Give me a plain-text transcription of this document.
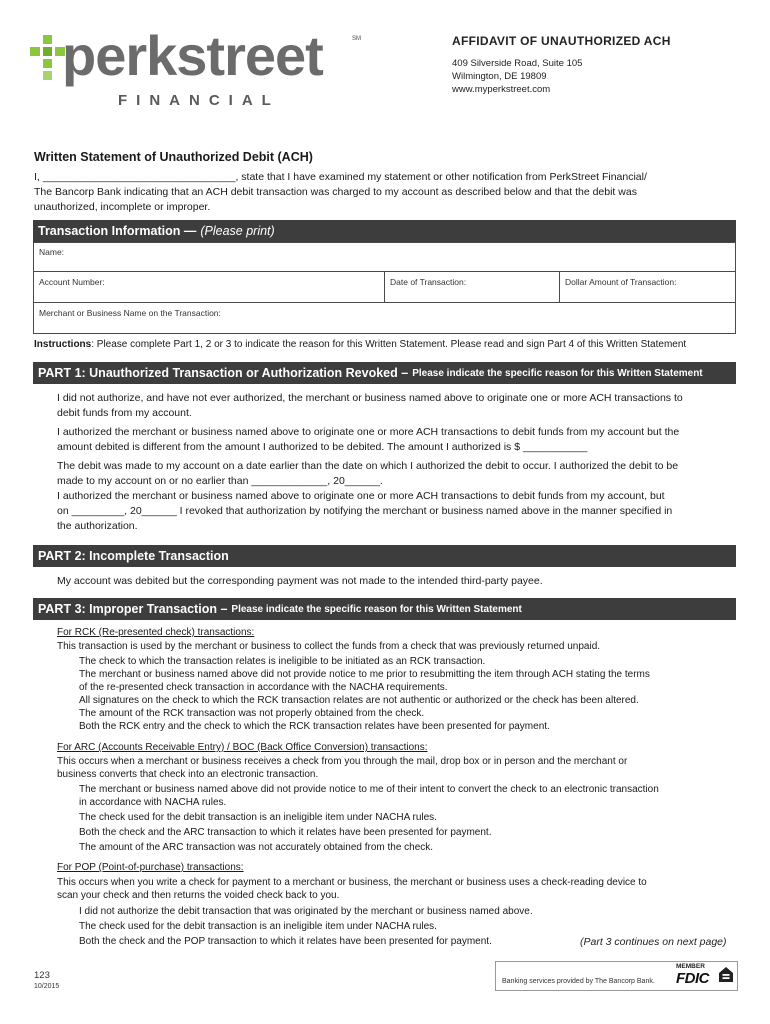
perkstreet	SM
FINANCIAL
AFFIDAVIT OF UNAUTHORIZED ACH
409 Silverside Road, Suite 105
Wilmington, DE 19809
www.myperkstreet.com
Written Statement of Unauthorized Debit (ACH)
I, _________________________________, state that I have examined my statement or other notification from PerkStreet Financial/
The Bancorp Bank indicating that an ACH debit transaction was charged to my account as described below and that the debit was
unauthorized, incomplete or improper.
Transaction Information — (Please print)
Name:
Account Number:	Date of Transaction:	Dollar Amount of Transaction:
Merchant or Business Name on the Transaction:
Instructions: Please complete Part 1, 2 or 3 to indicate the reason for this Written Statement. Please read and sign Part 4 of this Written Statement
PART 1: Unauthorized Transaction or Authorization Revoked – Please indicate the specific reason for this Written Statement
I did not authorize, and have not ever authorized, the merchant or business named above to originate one or more ACH transactions to
debit funds from my account.
I authorized the merchant or business named above to originate one or more ACH transactions to debit funds from my account but the
amount debited is different from the amount I authorized to be debited. The amount I authorized is $ ___________
The debit was made to my account on a date earlier than the date on which I authorized the debit to occur. I authorized the debit to be
made to my account on or no earlier than _____________, 20______.
I authorized the merchant or business named above to originate one or more ACH transactions to debit funds from my account, but
on _________, 20______ I revoked that authorization by notifying the merchant or business named above in the manner specified in
the authorization.
PART 2: Incomplete Transaction
My account was debited but the corresponding payment was not made to the intended third-party payee.
PART 3: Improper Transaction – Please indicate the specific reason for this Written Statement
For RCK (Re-presented check) transactions:
This transaction is used by the merchant or business to collect the funds from a check that was previously returned unpaid.
The check to which the transaction relates is ineligible to be initiated as an RCK transaction.
The merchant or business named above did not provide notice to me prior to resubmitting the item through ACH stating the terms
of the re-presented check transaction in accordance with the NACHA requirements.
All signatures on the check to which the RCK transaction relates are not authentic or authorized or the check has been altered.
The amount of the RCK transaction was not properly obtained from the check.
Both the RCK entry and the check to which the RCK transaction relates have been presented for payment.
For ARC (Accounts Receivable Entry) / BOC (Back Office Conversion) transactions:
This occurs when a merchant or business receives a check from you through the mail, drop box or in person and the merchant or
business converts that check into an electronic transaction.
The merchant or business named above did not provide notice to me of their intent to convert the check to an electronic transaction
in accordance with NACHA rules.
The check used for the debit transaction is an ineligible item under NACHA rules.
Both the check and the ARC transaction to which it relates have been presented for payment.
The amount of the ARC transaction was not accurately obtained from the check.
For POP (Point-of-purchase) transactions:
This occurs when you write a check for payment to a merchant or business, the merchant or business uses a check-reading device to
scan your check and then returns the voided check back to you.
I did not authorize the debit transaction that was originated by the merchant or business named above.
The check used for the debit transaction is an ineligible item under NACHA rules.
Both the check and the POP transaction to which it relates have been presented for payment.	(Part 3 continues on next page)
123
10/2015
Banking services provided by The Bancorp Bank.
MEMBER
FDIC
